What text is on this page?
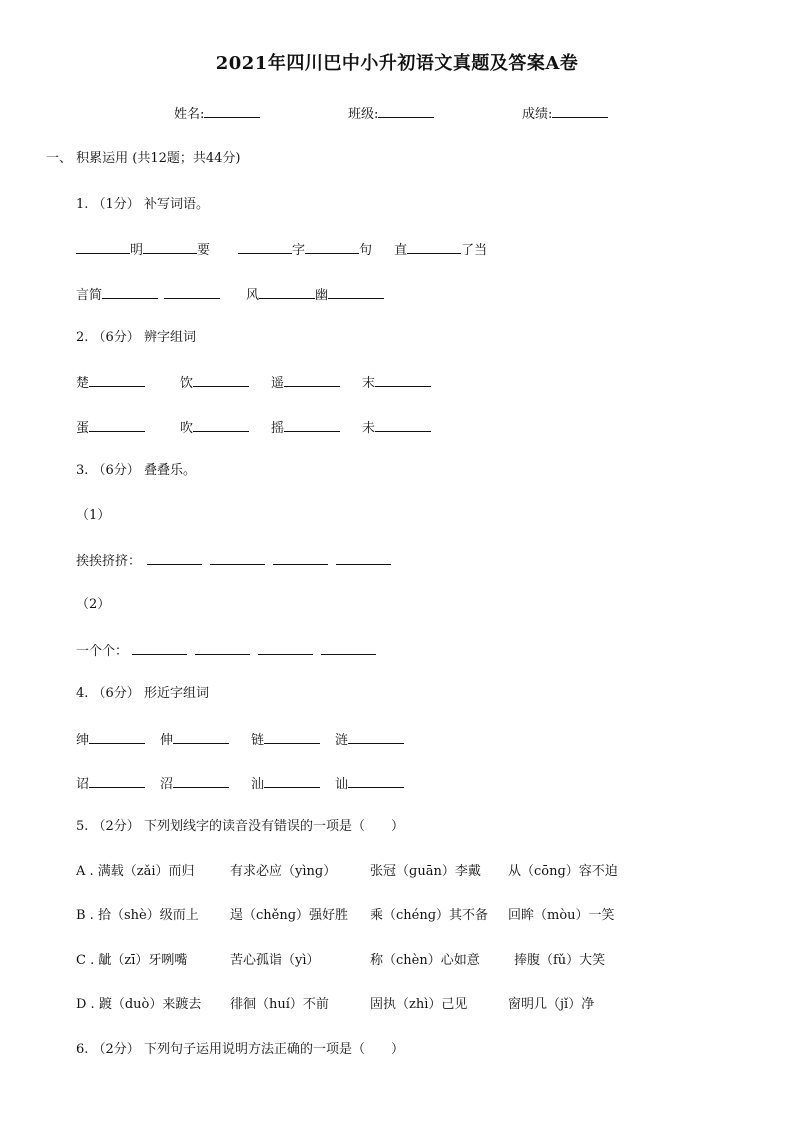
2021年四川巴中小升初语文真题及答案A卷
姓名:	班级:	成绩:
一、 积累运用 (共12题；共44分)
1. （1分） 补写词语。
明	要	字	句 直	了当
言简	风	幽
2. （6分） 辨字组词
楚	饮	遥	末
蛋	吹	摇	未
3. （6分） 叠叠乐。
（1）
挨挨挤挤：
（2）
一个个：
4. （6分） 形近字组词
绅	伸	链	涟
诏	沼	汕	讪
5. （2分） 下列划线字的读音没有错误的一项是（　　）
A . 满载（zǎi）而归	有求必应（yìnɡ）	张冠（ɡuān）李戴 从（cōnɡ）容不迫
B . 拾（shè）级而上 逞（chěnɡ）强好胜 乘（chénɡ）其不备 回眸（mòu）一笑
C . 龇（zī）牙咧嘴	苦心孤诣（yì）	称（chèn）心如意	捧腹（fǔ）大笑
D . 踱（duò）来踱去 徘徊（huí）不前	固执（zhì）己见	窗明几（jǐ）净
6. （2分） 下列句子运用说明方法正确的一项是（　　）
